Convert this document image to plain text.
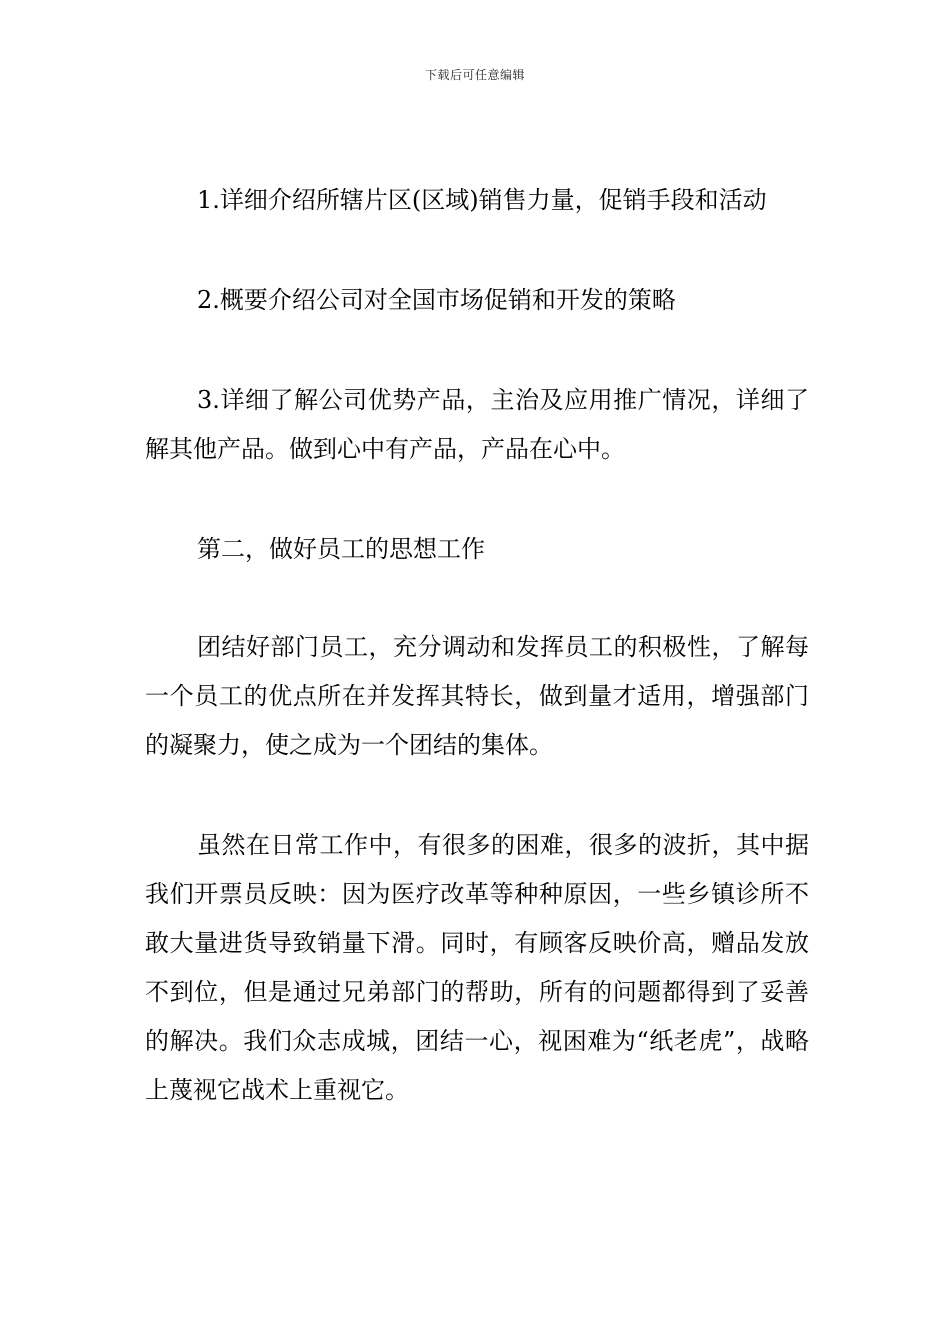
下载后可任意编辑

1.详细介绍所辖片区(区域)销售力量，促销手段和活动

2.概要介绍公司对全国市场促销和开发的策略

3.详细了解公司优势产品，主治及应用推广情况，详细了解其他产品。做到心中有产品，产品在心中。

第二，做好员工的思想工作

团结好部门员工，充分调动和发挥员工的积极性，了解每一个员工的优点所在并发挥其特长，做到量才适用，增强部门的凝聚力，使之成为一个团结的集体。

虽然在日常工作中，有很多的困难，很多的波折，其中据我们开票员反映：因为医疗改革等种种原因，一些乡镇诊所不敢大量进货导致销量下滑。同时，有顾客反映价高，赠品发放不到位，但是通过兄弟部门的帮助，所有的问题都得到了妥善的解决。我们众志成城，团结一心，视困难为“纸老虎”，战略上蔑视它战术上重视它。
